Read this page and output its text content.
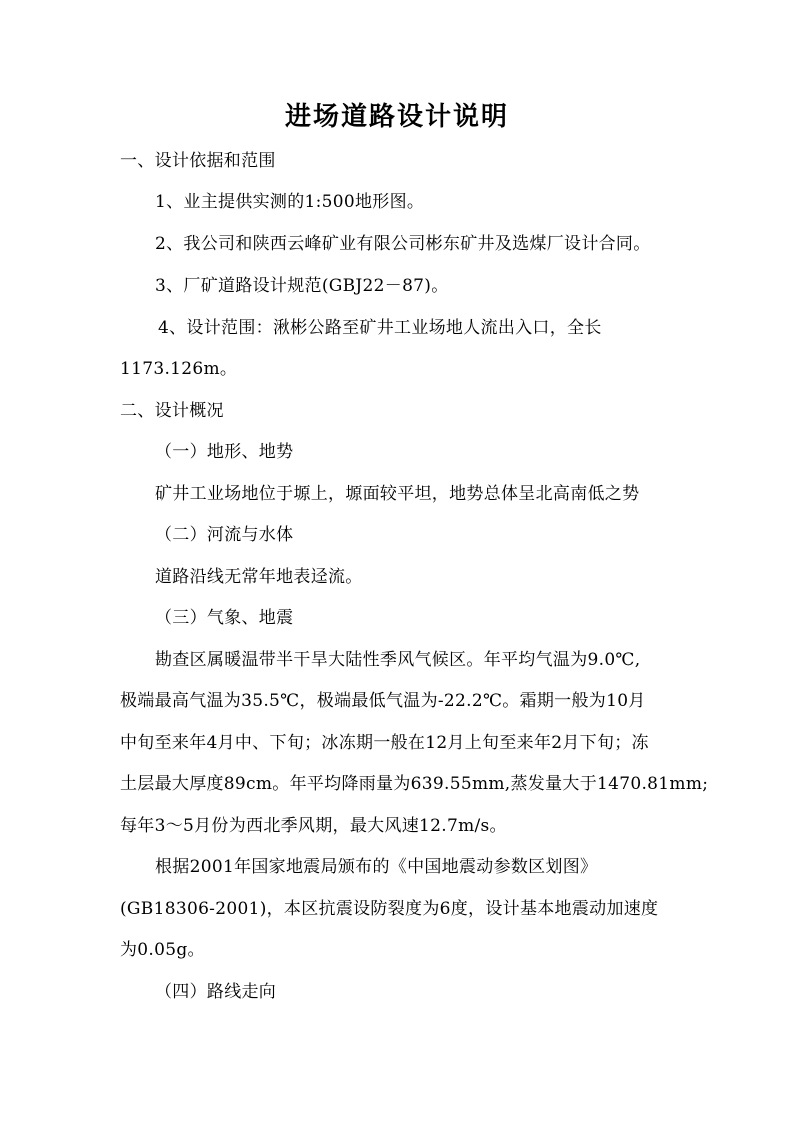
进场道路设计说明
一、设计依据和范围
1、业主提供实测的1:500地形图。
2、我公司和陕西云峰矿业有限公司彬东矿井及选煤厂设计合同。
3、厂矿道路设计规范(GBJ22－87)。
4、设计范围：湫彬公路至矿井工业场地人流出入口，全长
1173.126m。
二、设计概况
（一）地形、地势
矿井工业场地位于塬上，塬面较平坦，地势总体呈北高南低之势
（二）河流与水体
道路沿线无常年地表迳流。
（三）气象、地震
勘查区属暖温带半干旱大陆性季风气候区。年平均气温为9.0℃,
极端最高气温为35.5℃，极端最低气温为-22.2℃。霜期一般为10月
中旬至来年4月中、下旬；冰冻期一般在12月上旬至来年2月下旬；冻
土层最大厚度89cm。年平均降雨量为639.55mm,蒸发量大于1470.81mm;
每年3～5月份为西北季风期，最大风速12.7m/s。
根据2001年国家地震局颁布的《中国地震动参数区划图》
(GB18306-2001)，本区抗震设防裂度为6度，设计基本地震动加速度
为0.05g。
（四）路线走向
